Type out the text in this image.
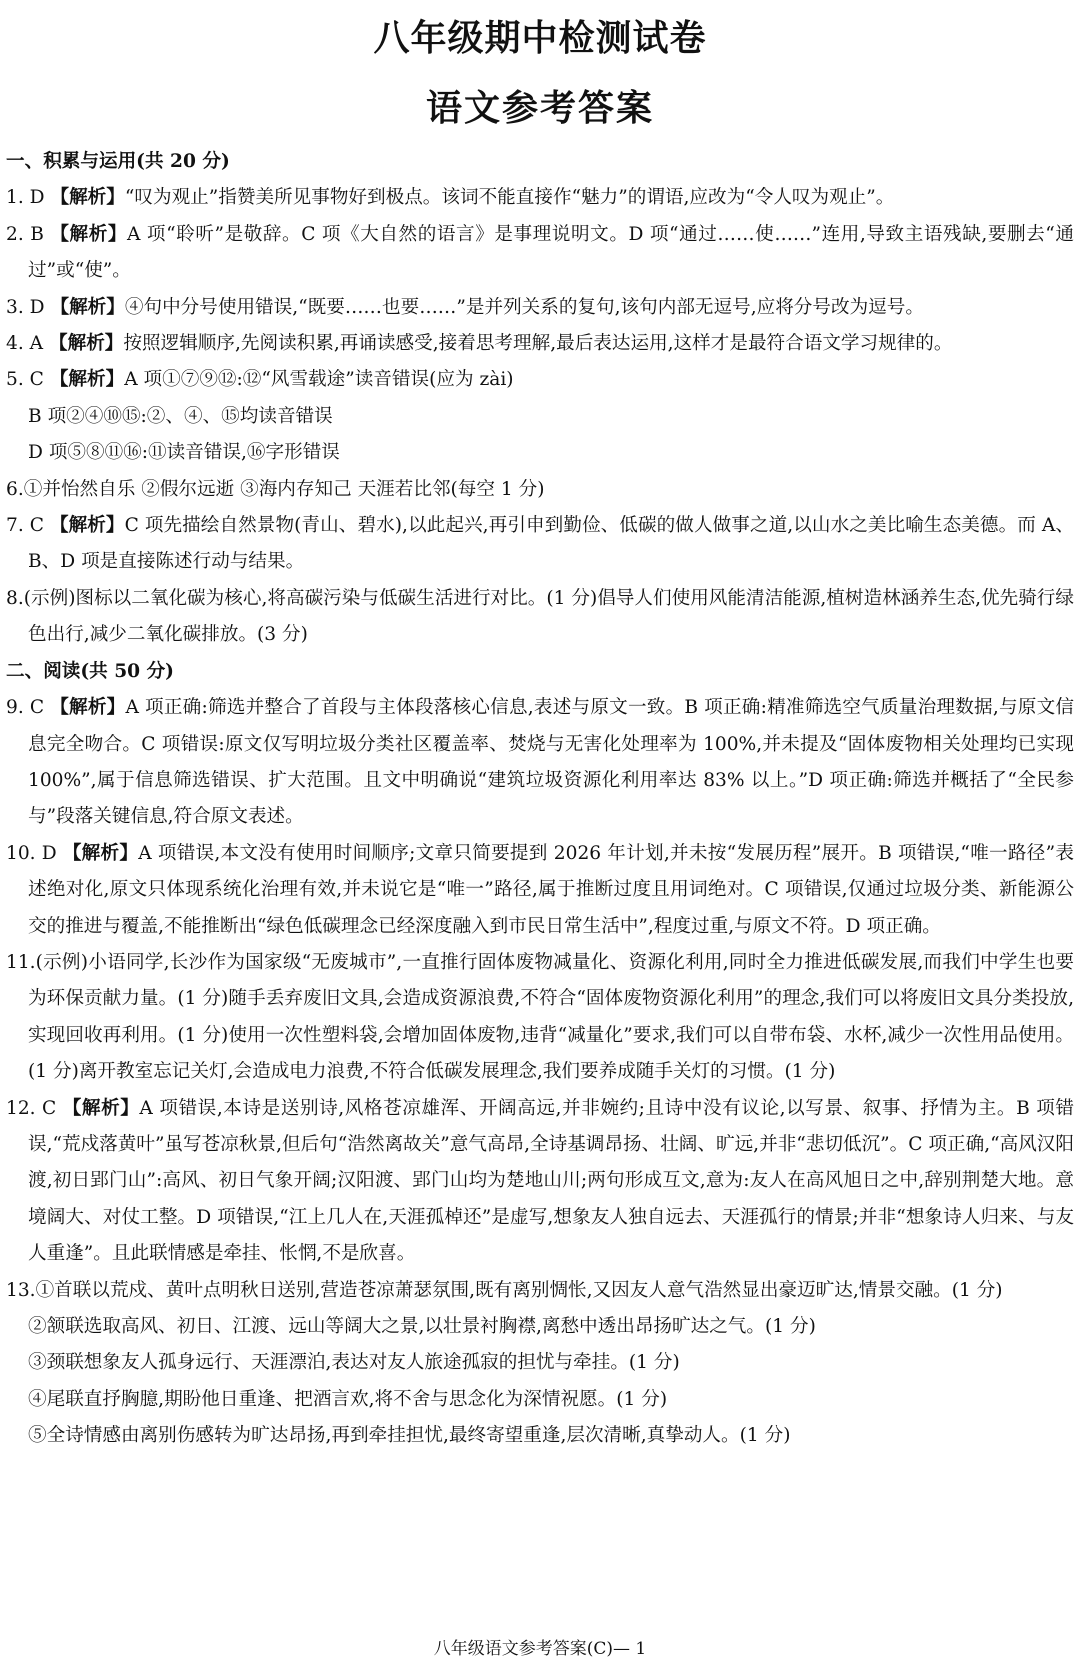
八年级期中检测试卷
语文参考答案
一、积累与运用(共 20 分)

1. D 【解析】“叹为观止”指赞美所见事物好到极点。该词不能直接作“魅力”的谓语,应改为“令人叹为观止”。

2. B 【解析】A 项“聆听”是敬辞。C 项《大自然的语言》是事理说明文。D 项“通过……使……”连用,导致主语残缺,要删去“通过”或“使”。

3. D 【解析】④句中分号使用错误,“既要……也要……”是并列关系的复句,该句内部无逗号,应将分号改为逗号。

4. A 【解析】按照逻辑顺序,先阅读积累,再诵读感受,接着思考理解,最后表达运用,这样才是最符合语文学习规律的。

5. C 【解析】A 项①⑦⑨⑫:⑫“风雪载途”读音错误(应为 zài)

B 项②④⑩⑮:②、④、⑮均读音错误

D 项⑤⑧⑪⑯:⑪读音错误,⑯字形错误

6.①并怡然自乐 ②假尔远逝 ③海内存知己 天涯若比邻(每空 1 分)

7. C 【解析】C 项先描绘自然景物(青山、碧水),以此起兴,再引申到勤俭、低碳的做人做事之道,以山水之美比喻生态美德。而 A、B、D 项是直接陈述行动与结果。

8.(示例)图标以二氧化碳为核心,将高碳污染与低碳生活进行对比。(1 分)倡导人们使用风能清洁能源,植树造林涵养生态,优先骑行绿色出行,减少二氧化碳排放。(3 分)

二、阅读(共 50 分)

9. C 【解析】A 项正确:筛选并整合了首段与主体段落核心信息,表述与原文一致。B 项正确:精准筛选空气质量治理数据,与原文信息完全吻合。C 项错误:原文仅写明垃圾分类社区覆盖率、焚烧与无害化处理率为 100%,并未提及“固体废物相关处理均已实现 100%”,属于信息筛选错误、扩大范围。且文中明确说“建筑垃圾资源化利用率达 83% 以上。”D 项正确:筛选并概括了“全民参与”段落关键信息,符合原文表述。

10. D 【解析】A 项错误,本文没有使用时间顺序;文章只简要提到 2026 年计划,并未按“发展历程”展开。B 项错误,“唯一路径”表述绝对化,原文只体现系统化治理有效,并未说它是“唯一”路径,属于推断过度且用词绝对。C 项错误,仅通过垃圾分类、新能源公交的推进与覆盖,不能推断出“绿色低碳理念已经深度融入到市民日常生活中”,程度过重,与原文不符。D 项正确。

11.(示例)小语同学,长沙作为国家级“无废城市”,一直推行固体废物减量化、资源化利用,同时全力推进低碳发展,而我们中学生也要为环保贡献力量。(1 分)随手丢弃废旧文具,会造成资源浪费,不符合“固体废物资源化利用”的理念,我们可以将废旧文具分类投放,实现回收再利用。(1 分)使用一次性塑料袋,会增加固体废物,违背“减量化”要求,我们可以自带布袋、水杯,减少一次性用品使用。(1 分)离开教室忘记关灯,会造成电力浪费,不符合低碳发展理念,我们要养成随手关灯的习惯。(1 分)

12. C 【解析】A 项错误,本诗是送别诗,风格苍凉雄浑、开阔高远,并非婉约;且诗中没有议论,以写景、叙事、抒情为主。B 项错误,“荒戍落黄叶”虽写苍凉秋景,但后句“浩然离故关”意气高昂,全诗基调昂扬、壮阔、旷远,并非“悲切低沉”。C 项正确,“高风汉阳渡,初日郢门山”:高风、初日气象开阔;汉阳渡、郢门山均为楚地山川;两句形成互文,意为:友人在高风旭日之中,辞别荆楚大地。意境阔大、对仗工整。D 项错误,“江上几人在,天涯孤棹还”是虚写,想象友人独自远去、天涯孤行的情景;并非“想象诗人归来、与友人重逢”。且此联情感是牵挂、怅惘,不是欣喜。

13.①首联以荒戍、黄叶点明秋日送别,营造苍凉萧瑟氛围,既有离别惆怅,又因友人意气浩然显出豪迈旷达,情景交融。(1 分)

②颔联选取高风、初日、江渡、远山等阔大之景,以壮景衬胸襟,离愁中透出昂扬旷达之气。(1 分)

③颈联想象友人孤身远行、天涯漂泊,表达对友人旅途孤寂的担忧与牵挂。(1 分)

④尾联直抒胸臆,期盼他日重逢、把酒言欢,将不舍与思念化为深情祝愿。(1 分)

⑤全诗情感由离别伤感转为旷达昂扬,再到牵挂担忧,最终寄望重逢,层次清晰,真挚动人。(1 分)

八年级语文参考答案(C)— 1
